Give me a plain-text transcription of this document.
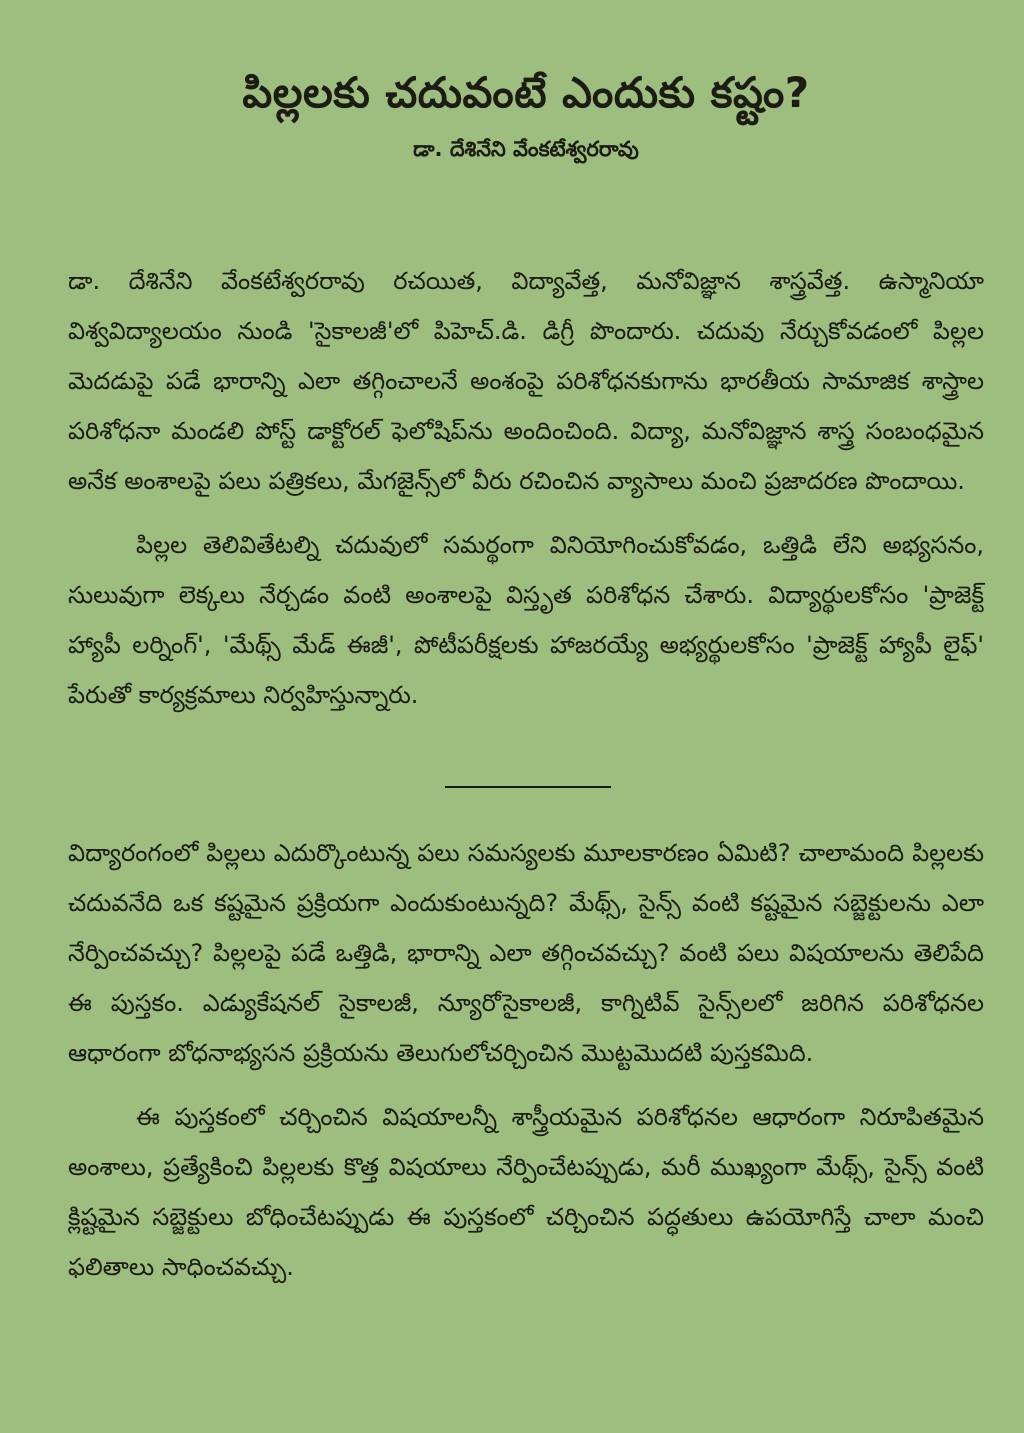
పిల్లలకు చదువంటే ఎందుకు కష్టం?
డా. దేశినేని వేంకటేశ్వరరావు

డా. దేశినేని వేంకటేశ్వరరావు రచయిత, విద్యావేత్త, మనోవిజ్ఞాన శాస్త్రవేత్త. ఉస్మానియా విశ్వవిద్యాలయం నుండి 'సైకాలజీ'లో పిహెచ్.డి. డిగ్రీ పొందారు. చదువు నేర్చుకోవడంలో పిల్లల మెదడుపై పడే భారాన్ని ఎలా తగ్గించాలనే అంశంపై పరిశోధనకుగాను భారతీయ సామాజిక శాస్త్రాల పరిశోధనా మండలి పోస్ట్ డాక్టోరల్ ఫెలోషిప్‌ను అందించింది. విద్యా, మనోవిజ్ఞాన శాస్త్ర సంబంధమైన అనేక అంశాలపై పలు పత్రికలు, మేగజైన్స్‌లో వీరు రచించిన వ్యాసాలు మంచి ప్రజాదరణ పొందాయి.

పిల్లల తెలివితేటల్ని చదువులో సమర్థంగా వినియోగించుకోవడం, ఒత్తిడి లేని అభ్యసనం, సులువుగా లెక్కలు నేర్చడం వంటి అంశాలపై విస్తృత పరిశోధన చేశారు. విద్యార్థులకోసం 'ప్రాజెక్ట్ హ్యాపీ లర్నింగ్', 'మేథ్స్ మేడ్ ఈజీ', పోటీపరీక్షలకు హాజరయ్యే అభ్యర్థులకోసం 'ప్రాజెక్ట్ హ్యాపీ లైఫ్' పేరుతో కార్యక్రమాలు నిర్వహిస్తున్నారు.

విద్యారంగంలో పిల్లలు ఎదుర్కొంటున్న పలు సమస్యలకు మూలకారణం ఏమిటి? చాలామంది పిల్లలకు చదువనేది ఒక కష్టమైన ప్రక్రియగా ఎందుకుంటున్నది? మేథ్స్, సైన్స్ వంటి కష్టమైన సబ్జెక్టులను ఎలా నేర్పించవచ్చు? పిల్లలపై పడే ఒత్తిడి, భారాన్ని ఎలా తగ్గించవచ్చు? వంటి పలు విషయాలను తెలిపేది ఈ పుస్తకం. ఎడ్యుకేషనల్ సైకాలజీ, న్యూరోసైకాలజీ, కాగ్నిటివ్ సైన్స్‌లలో జరిగిన పరిశోధనల ఆధారంగా బోధనాభ్యసన ప్రక్రియను తెలుగులోచర్చించిన మొట్టమొదటి పుస్తకమిది.

ఈ పుస్తకంలో చర్చించిన విషయాలన్నీ శాస్త్రీయమైన పరిశోధనల ఆధారంగా నిరూపితమైన అంశాలు, ప్రత్యేకించి పిల్లలకు కొత్త విషయాలు నేర్పించేటప్పుడు, మరీ ముఖ్యంగా మేథ్స్, సైన్స్ వంటి క్లిష్టమైన సబ్జెక్టులు బోధించేటప్పుడు ఈ పుస్తకంలో చర్చించిన పద్ధతులు ఉపయోగిస్తే చాలా మంచి ఫలితాలు సాధించవచ్చు.
